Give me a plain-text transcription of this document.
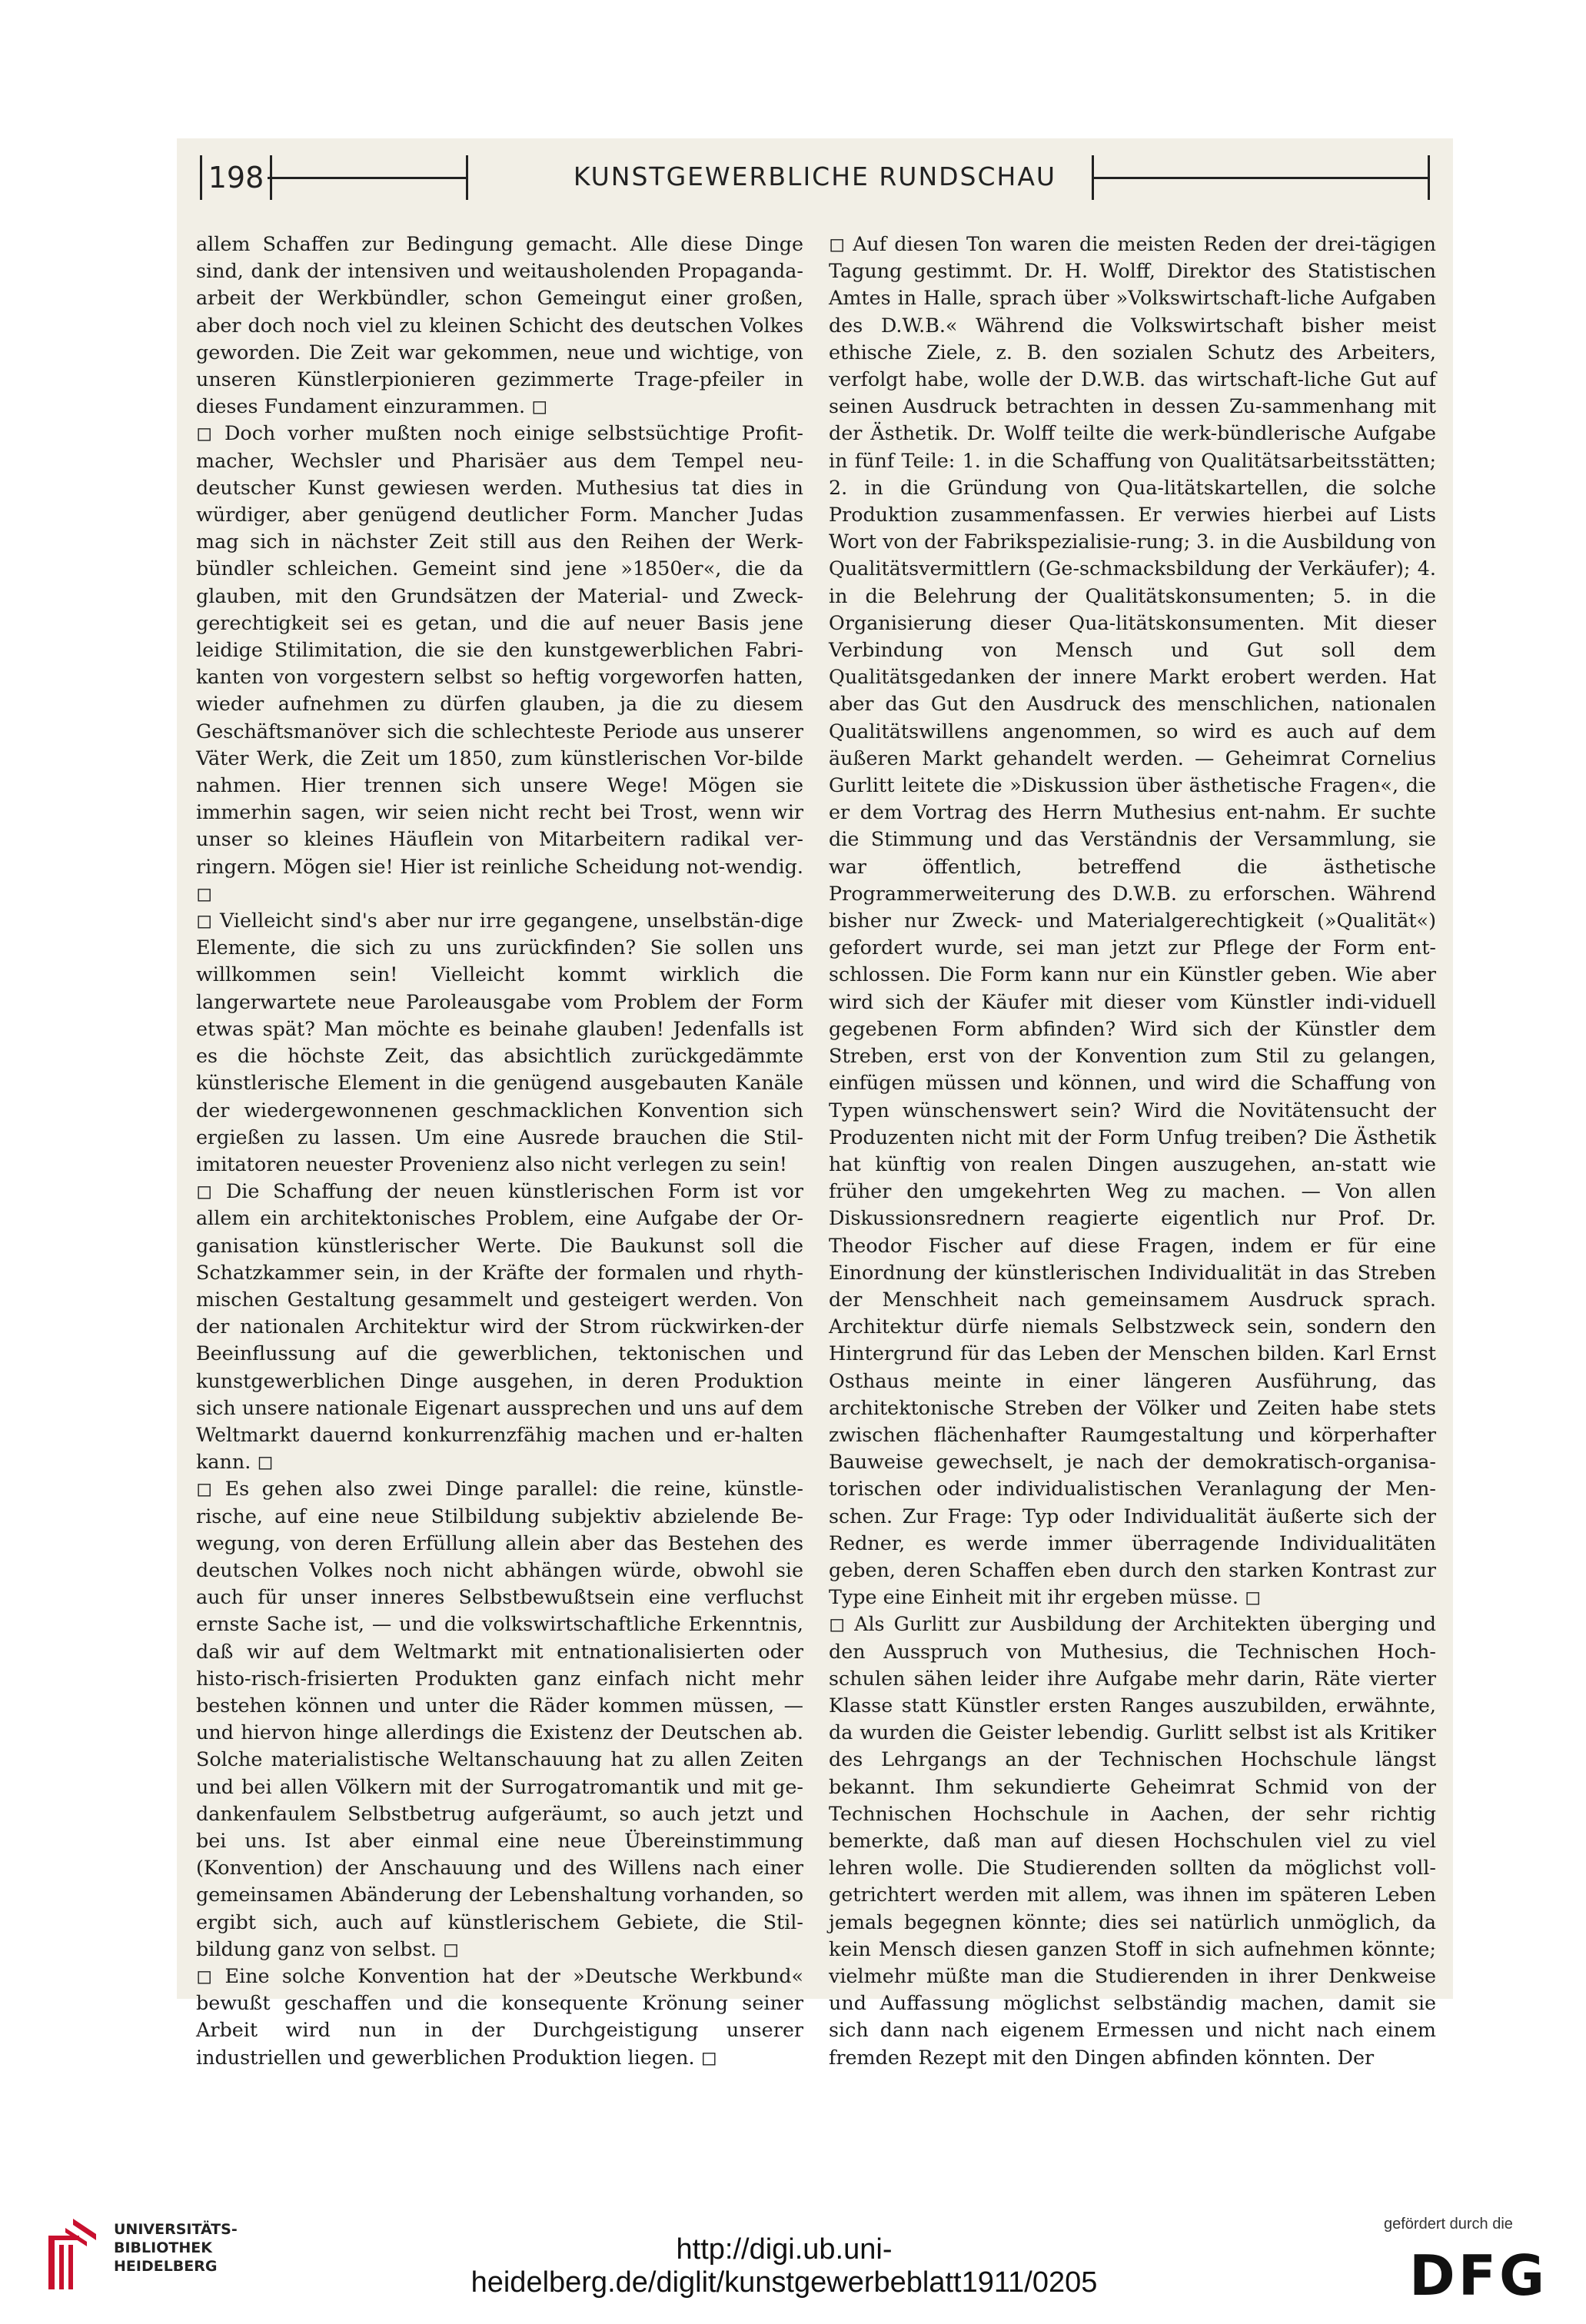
198	KUNSTGEWERBLICHE RUNDSCHAU

allem Schaffen zur Bedingung gemacht. Alle diese Dinge sind, dank der intensiven und weitausholenden Propaganda-arbeit der Werkbündler, schon Gemeingut einer großen, aber doch noch viel zu kleinen Schicht des deutschen Volkes geworden. Die Zeit war gekommen, neue und wichtige, von unseren Künstlerpionieren gezimmerte Trage-pfeiler in dieses Fundament einzurammen. ◻

◻ Doch vorher mußten noch einige selbstsüchtige Profit-macher, Wechsler und Pharisäer aus dem Tempel neu-deutscher Kunst gewiesen werden. Muthesius tat dies in würdiger, aber genügend deutlicher Form. Mancher Judas mag sich in nächster Zeit still aus den Reihen der Werk-bündler schleichen. Gemeint sind jene »1850er«, die da glauben, mit den Grundsätzen der Material- und Zweck-gerechtigkeit sei es getan, und die auf neuer Basis jene leidige Stilimitation, die sie den kunstgewerblichen Fabri-kanten von vorgestern selbst so heftig vorgeworfen hatten, wieder aufnehmen zu dürfen glauben, ja die zu diesem Geschäftsmanöver sich die schlechteste Periode aus unserer Väter Werk, die Zeit um 1850, zum künstlerischen Vor-bilde nahmen. Hier trennen sich unsere Wege! Mögen sie immerhin sagen, wir seien nicht recht bei Trost, wenn wir unser so kleines Häuflein von Mitarbeitern radikal ver-ringern. Mögen sie! Hier ist reinliche Scheidung not-wendig. ◻

◻ Vielleicht sind's aber nur irre gegangene, unselbstän-dige Elemente, die sich zu uns zurückfinden? Sie sollen uns willkommen sein! Vielleicht kommt wirklich die langerwartete neue Paroleausgabe vom Problem der Form etwas spät? Man möchte es beinahe glauben! Jedenfalls ist es die höchste Zeit, das absichtlich zurückgedämmte künstlerische Element in die genügend ausgebauten Kanäle der wiedergewonnenen geschmacklichen Konvention sich ergießen zu lassen. Um eine Ausrede brauchen die Stil-imitatoren neuester Provenienz also nicht verlegen zu sein!

◻ Die Schaffung der neuen künstlerischen Form ist vor allem ein architektonisches Problem, eine Aufgabe der Or-ganisation künstlerischer Werte. Die Baukunst soll die Schatzkammer sein, in der Kräfte der formalen und rhyth-mischen Gestaltung gesammelt und gesteigert werden. Von der nationalen Architektur wird der Strom rückwirken-der Beeinflussung auf die gewerblichen, tektonischen und kunstgewerblichen Dinge ausgehen, in deren Produktion sich unsere nationale Eigenart aussprechen und uns auf dem Weltmarkt dauernd konkurrenzfähig machen und er-halten kann. ◻

◻ Es gehen also zwei Dinge parallel: die reine, künstle-rische, auf eine neue Stilbildung subjektiv abzielende Be-wegung, von deren Erfüllung allein aber das Bestehen des deutschen Volkes noch nicht abhängen würde, obwohl sie auch für unser inneres Selbstbewußtsein eine verfluchst ernste Sache ist, — und die volkswirtschaftliche Erkenntnis, daß wir auf dem Weltmarkt mit entnationalisierten oder histo-risch-frisierten Produkten ganz einfach nicht mehr bestehen können und unter die Räder kommen müssen, — und hiervon hinge allerdings die Existenz der Deutschen ab. Solche materialistische Weltanschauung hat zu allen Zeiten und bei allen Völkern mit der Surrogatromantik und mit ge-dankenfaulem Selbstbetrug aufgeräumt, so auch jetzt und bei uns. Ist aber einmal eine neue Übereinstimmung (Konvention) der Anschauung und des Willens nach einer gemeinsamen Abänderung der Lebenshaltung vorhanden, so ergibt sich, auch auf künstlerischem Gebiete, die Stil-bildung ganz von selbst. ◻

◻ Eine solche Konvention hat der »Deutsche Werkbund« bewußt geschaffen und die konsequente Krönung seiner Arbeit wird nun in der Durchgeistigung unserer industriellen und gewerblichen Produktion liegen. ◻

◻ Auf diesen Ton waren die meisten Reden der drei-tägigen Tagung gestimmt. Dr. H. Wolff, Direktor des Statistischen Amtes in Halle, sprach über »Volkswirtschaft-liche Aufgaben des D.W.B.« Während die Volkswirtschaft bisher meist ethische Ziele, z. B. den sozialen Schutz des Arbeiters, verfolgt habe, wolle der D.W.B. das wirtschaft-liche Gut auf seinen Ausdruck betrachten in dessen Zu-sammenhang mit der Ästhetik. Dr. Wolff teilte die werk-bündlerische Aufgabe in fünf Teile: 1. in die Schaffung von Qualitätsarbeitsstätten; 2. in die Gründung von Qua-litätskartellen, die solche Produktion zusammenfassen. Er verwies hierbei auf Lists Wort von der Fabrikspezialisie-rung; 3. in die Ausbildung von Qualitätsvermittlern (Ge-schmacksbildung der Verkäufer); 4. in die Belehrung der Qualitätskonsumenten; 5. in die Organisierung dieser Qua-litätskonsumenten. Mit dieser Verbindung von Mensch und Gut soll dem Qualitätsgedanken der innere Markt erobert werden. Hat aber das Gut den Ausdruck des menschlichen, nationalen Qualitätswillens angenommen, so wird es auch auf dem äußeren Markt gehandelt werden. — Geheimrat Cornelius Gurlitt leitete die »Diskussion über ästhetische Fragen«, die er dem Vortrag des Herrn Muthesius ent-nahm. Er suchte die Stimmung und das Verständnis der Versammlung, sie war öffentlich, betreffend die ästhetische Programmerweiterung des D.W.B. zu erforschen. Während bisher nur Zweck- und Materialgerechtigkeit (»Qualität«) gefordert wurde, sei man jetzt zur Pflege der Form ent-schlossen. Die Form kann nur ein Künstler geben. Wie aber wird sich der Käufer mit dieser vom Künstler indi-viduell gegebenen Form abfinden? Wird sich der Künstler dem Streben, erst von der Konvention zum Stil zu gelangen, einfügen müssen und können, und wird die Schaffung von Typen wünschenswert sein? Wird die Novitätensucht der Produzenten nicht mit der Form Unfug treiben? Die Ästhetik hat künftig von realen Dingen auszugehen, an-statt wie früher den umgekehrten Weg zu machen. — Von allen Diskussionsrednern reagierte eigentlich nur Prof. Dr. Theodor Fischer auf diese Fragen, indem er für eine Einordnung der künstlerischen Individualität in das Streben der Menschheit nach gemeinsamem Ausdruck sprach. Architektur dürfe niemals Selbstzweck sein, sondern den Hintergrund für das Leben der Menschen bilden. Karl Ernst Osthaus meinte in einer längeren Ausführung, das architektonische Streben der Völker und Zeiten habe stets zwischen flächenhafter Raumgestaltung und körperhafter Bauweise gewechselt, je nach der demokratisch-organisa-torischen oder individualistischen Veranlagung der Men-schen. Zur Frage: Typ oder Individualität äußerte sich der Redner, es werde immer überragende Individualitäten geben, deren Schaffen eben durch den starken Kontrast zur Type eine Einheit mit ihr ergeben müsse. ◻

◻ Als Gurlitt zur Ausbildung der Architekten überging und den Ausspruch von Muthesius, die Technischen Hoch-schulen sähen leider ihre Aufgabe mehr darin, Räte vierter Klasse statt Künstler ersten Ranges auszubilden, erwähnte, da wurden die Geister lebendig. Gurlitt selbst ist als Kritiker des Lehrgangs an der Technischen Hochschule längst bekannt. Ihm sekundierte Geheimrat Schmid von der Technischen Hochschule in Aachen, der sehr richtig bemerkte, daß man auf diesen Hochschulen viel zu viel lehren wolle. Die Studierenden sollten da möglichst voll-getrichtert werden mit allem, was ihnen im späteren Leben jemals begegnen könnte; dies sei natürlich unmöglich, da kein Mensch diesen ganzen Stoff in sich aufnehmen könnte; vielmehr müßte man die Studierenden in ihrer Denkweise und Auffassung möglichst selbständig machen, damit sie sich dann nach eigenem Ermessen und nicht nach einem fremden Rezept mit den Dingen abfinden könnten. Der

UNIVERSITÄTS-
BIBLIOTHEK
HEIDELBERG
http://digi.ub.uni-heidelberg.de/diglit/kunstgewerbeblatt1911/0205
gefördert durch die
DFG
